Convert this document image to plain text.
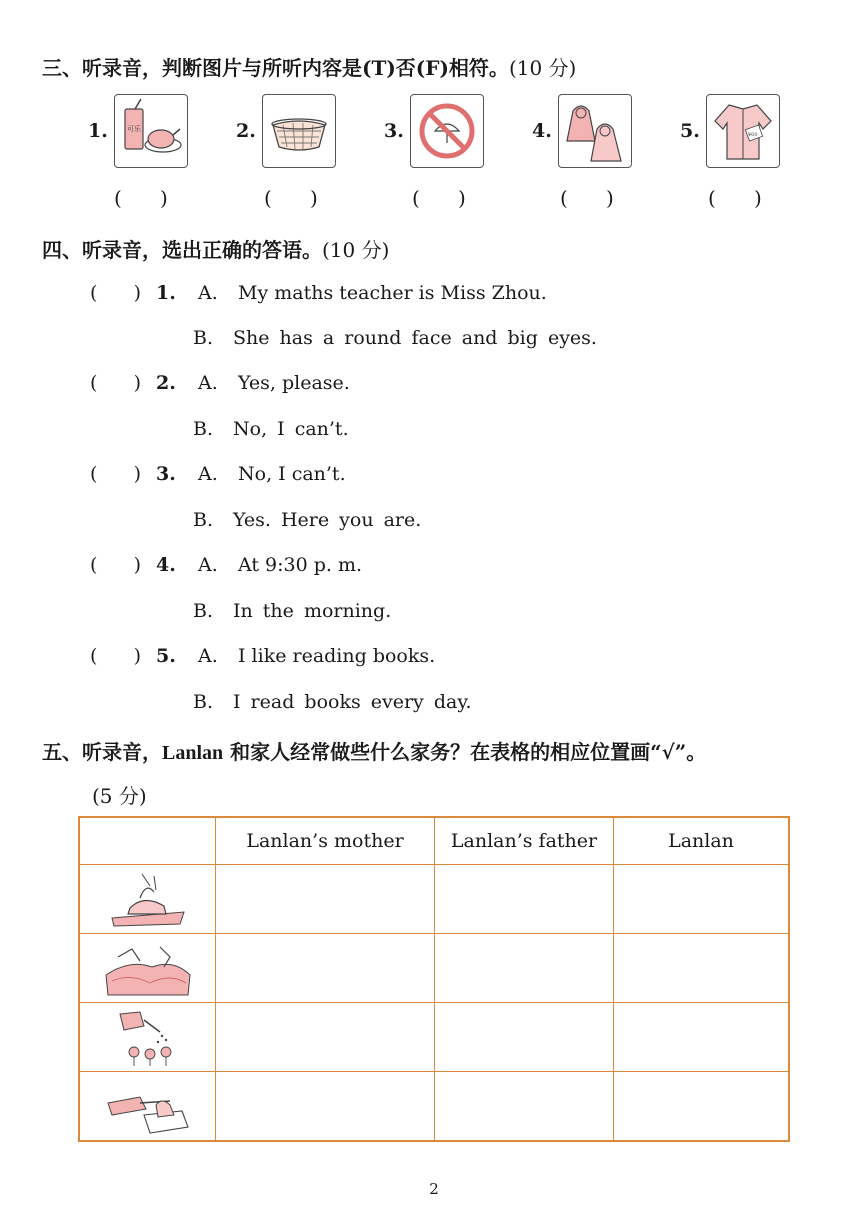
三、听录音，判断图片与所听内容是(T)否(F)相符。(10 分)
1.	可乐	2.	3.	4.	5.	¥60
(      )	(      )	(      )	(      )	(      )
四、听录音，选出正确的答语。(10 分)
(      ) 1. A. My maths teacher is Miss Zhou.
B. She has a round face and big eyes.
(      ) 2. A. Yes, please.
B. No, I can’t.
(      ) 3. A. No, I can’t.
B. Yes. Here you are.
(      ) 4. A. At 9:30 p. m.
B. In the morning.
(      ) 5. A. I like reading books.
B. I read books every day.
五、听录音，Lanlan 和家人经常做些什么家务？在表格的相应位置画“√”。
(5 分)
	Lanlan’s mother	Lanlan’s father	Lanlan

2
